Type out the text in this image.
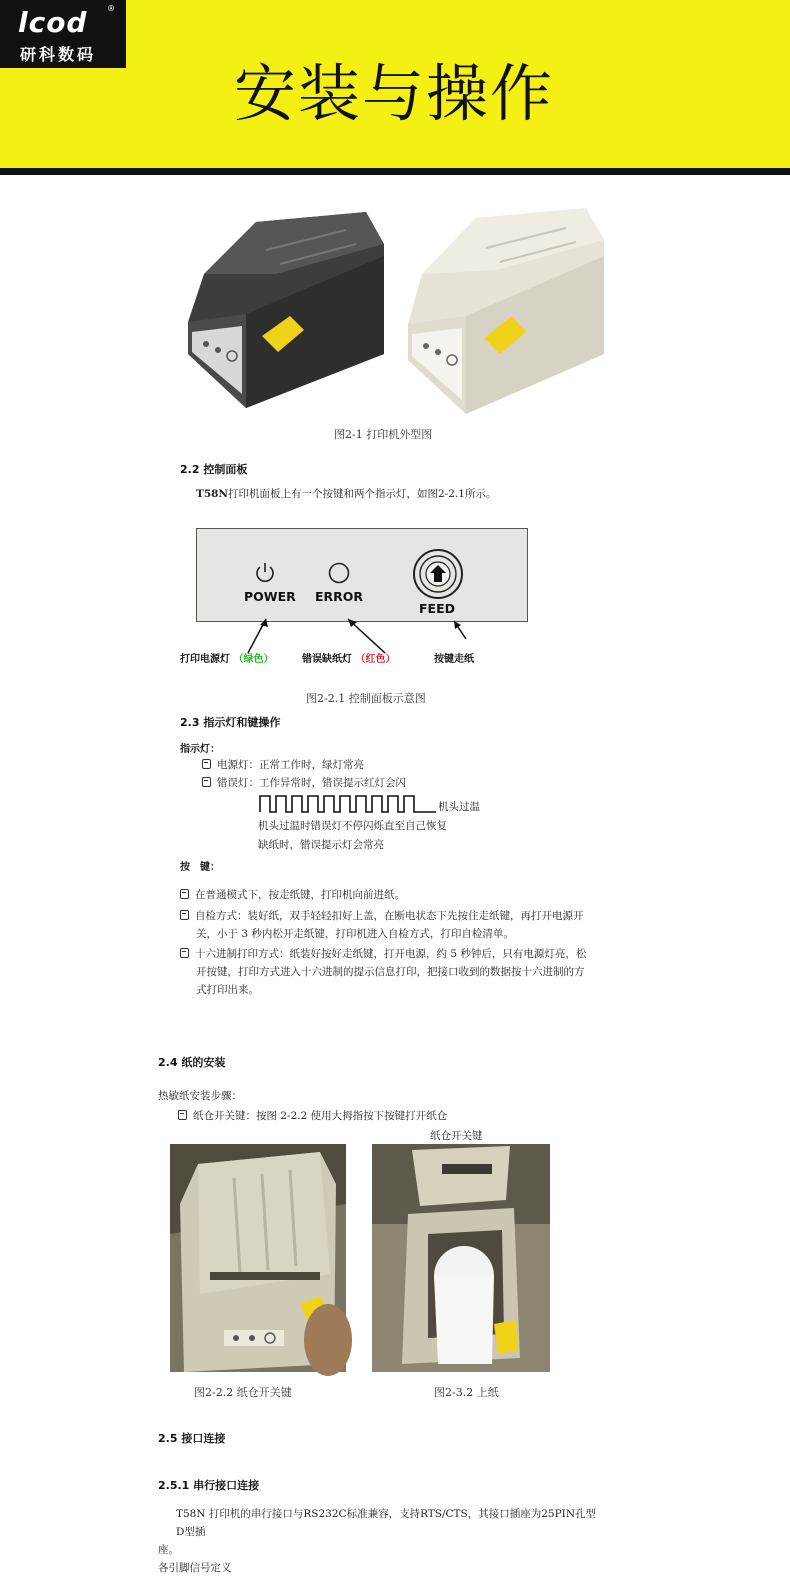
lcod ®
研科数码
安装与操作
图2-1 打印机外型图
2.2 控制面板
T58N打印机面板上有一个按键和两个指示灯，如图2-2.1所示。
POWER ERROR
FEED
打印电源灯 （绿色）	错误缺纸灯 （红色）	按键走纸
图2-2.1 控制面板示意图
2.3 指示灯和键操作
指示灯：
电源灯：正常工作时，绿灯常亮
错误灯：工作异常时，错误提示红灯会闪
机头过温
机头过温时错误灯不停闪烁直至自己恢复
缺纸时，错误提示灯会常亮
按　键：
在普通模式下，按走纸键，打印机向前进纸。
自检方式：装好纸，双手轻轻扣好上盖，在断电状态下先按住走纸键，再打开电源开
关，小于 3 秒内松开走纸键，打印机进入自检方式，打印自检清单。
十六进制打印方式：纸装好按好走纸键，打开电源，约 5 秒钟后，只有电源灯亮，松
开按键，打印方式进入十六进制的提示信息打印，把接口收到的数据按十六进制的方
式打印出来。
2.4 纸的安装
热敏纸安装步骤：
纸仓开关键：按图 2-2.2 使用大拇指按下按键打开纸仓
纸仓开关键
图2-2.2 纸仓开关键	图2-3.2 上纸
2.5 接口连接
2.5.1 串行接口连接
T58N 打印机的串行接口与RS232C标准兼容，支持RTS/CTS，其接口插座为25PIN孔型D型插
座。
各引脚信号定义
